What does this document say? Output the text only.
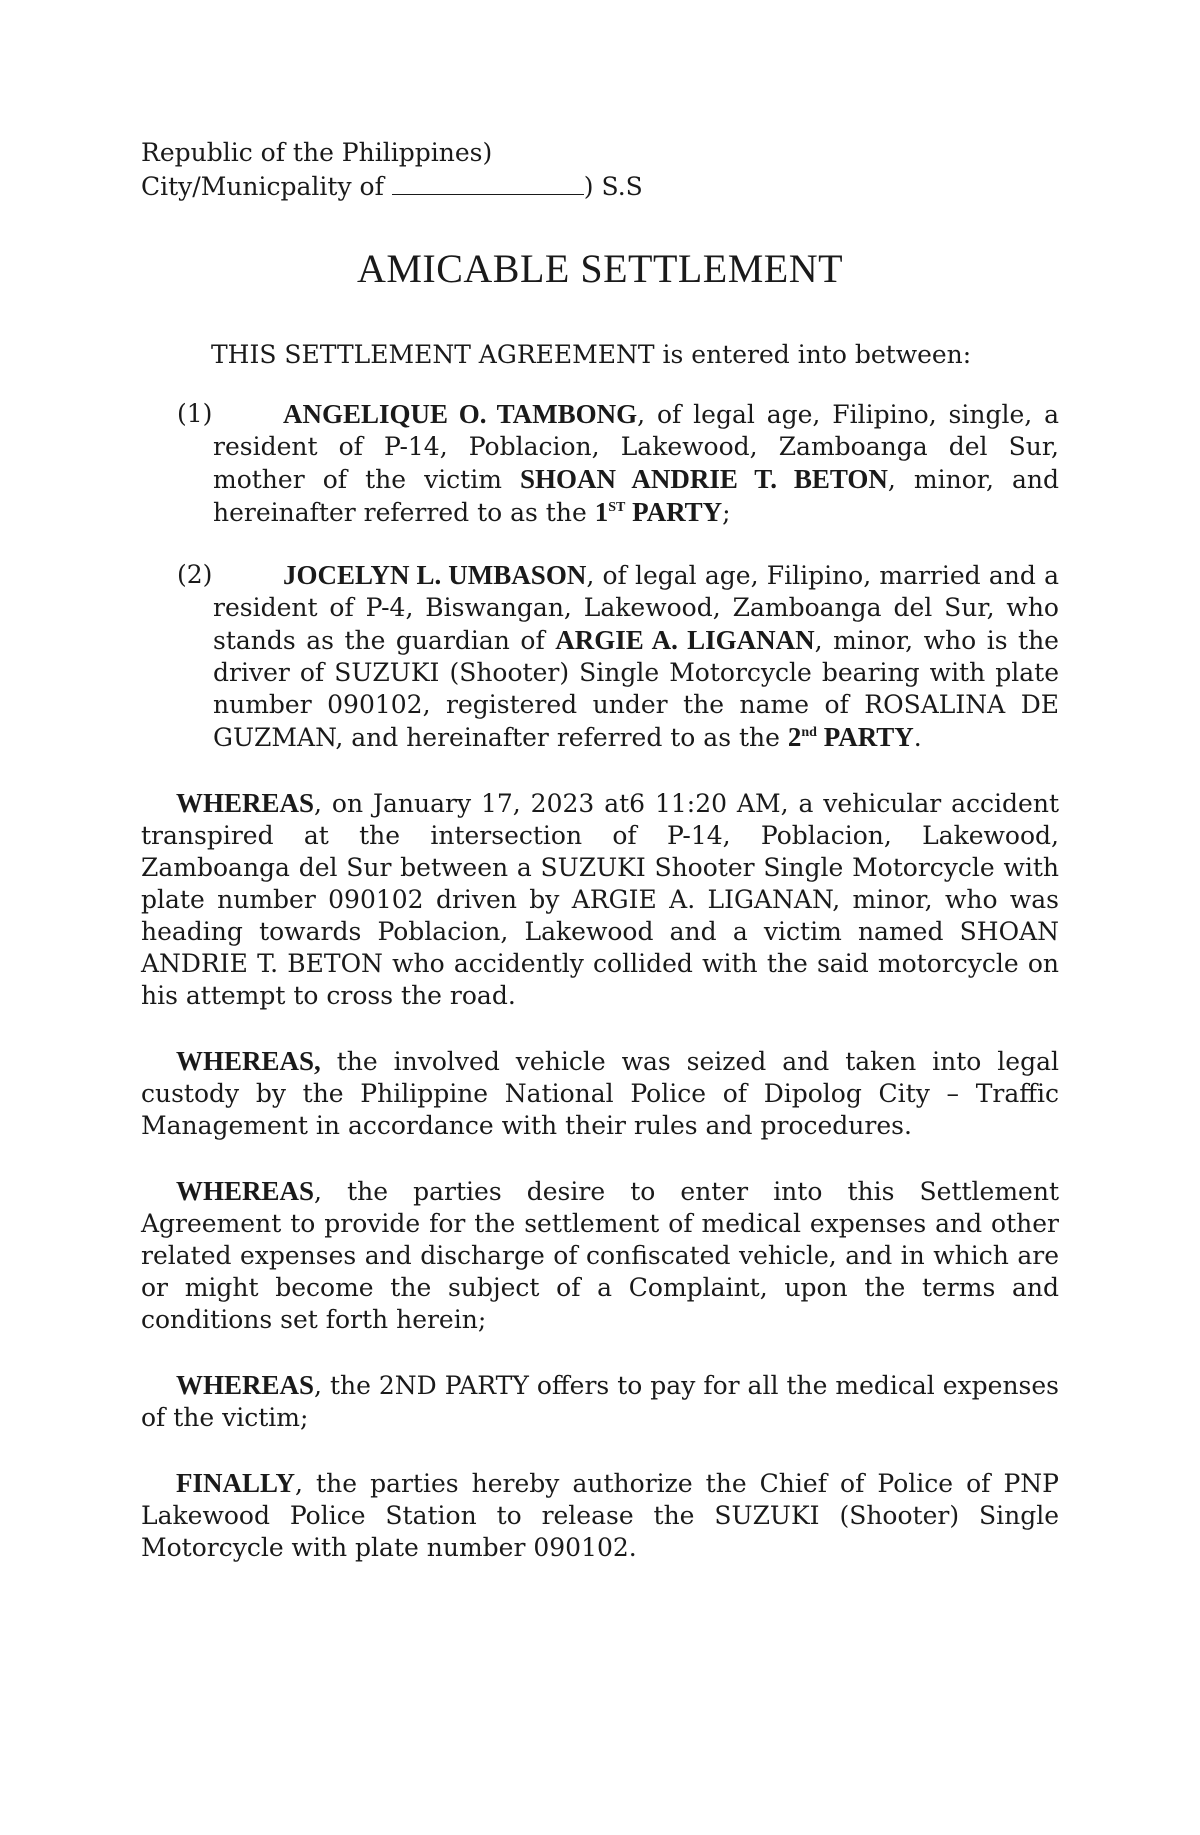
Republic of the Philippines)

City/Municpality of	) S.S

AMICABLE SETTLEMENT

THIS SETTLEMENT AGREEMENT is entered into between:

(1)	ANGELIQUE O. TAMBONG, of legal age, Filipino, single, a resident of P-14, Poblacion, Lakewood, Zamboanga del Sur, mother of the victim SHOAN ANDRIE T. BETON, minor, and hereinafter referred to as the 1ST PARTY;
(2)	JOCELYN L. UMBASON, of legal age, Filipino, married and a resident of P-4, Biswangan, Lakewood, Zamboanga del Sur, who stands as the guardian of ARGIE A. LIGANAN, minor, who is the driver of SUZUKI (Shooter) Single Motorcycle bearing with plate number 090102, registered under the name of ROSALINA DE GUZMAN, and hereinafter referred to as the 2nd PARTY.

WHEREAS, on January 17, 2023 at6 11:20 AM, a vehicular accident transpired at the intersection of P-14, Poblacion, Lakewood, Zamboanga del Sur between a SUZUKI Shooter Single Motorcycle with plate number 090102 driven by ARGIE A. LIGANAN, minor, who was heading towards Poblacion, Lakewood and a victim named SHOAN ANDRIE T. BETON who accidently collided with the said motorcycle on his attempt to cross the road.

WHEREAS, the involved vehicle was seized and taken into legal custody by the Philippine National Police of Dipolog City – Traffic Management in accordance with their rules and procedures.

WHEREAS, the parties desire to enter into this Settlement Agreement to provide for the settlement of medical expenses and other related expenses and discharge of confiscated vehicle, and in which are or might become the subject of a Complaint, upon the terms and conditions set forth herein;

WHEREAS, the 2ND PARTY offers to pay for all the medical expenses of the victim;

FINALLY, the parties hereby authorize the Chief of Police of PNP Lakewood Police Station to release the SUZUKI (Shooter) Single Motorcycle with plate number 090102.
